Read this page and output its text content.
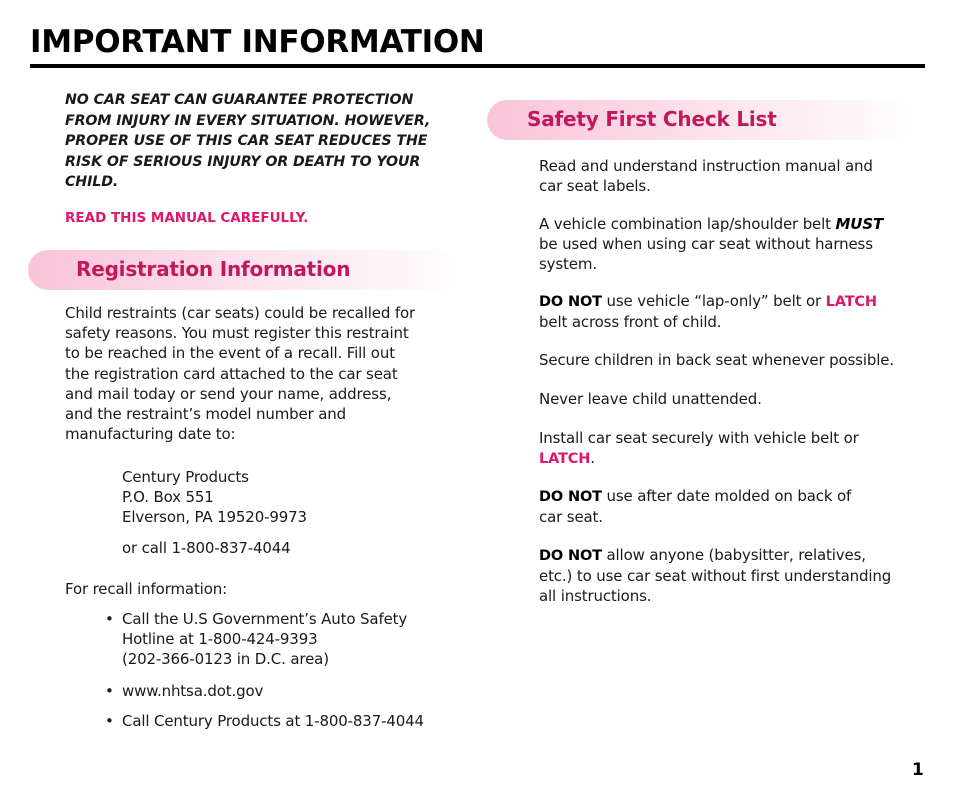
IMPORTANT INFORMATION

NO CAR SEAT CAN GUARANTEE PROTECTION
FROM INJURY IN EVERY SITUATION. HOWEVER,
PROPER USE OF THIS CAR SEAT REDUCES THE
RISK OF SERIOUS INJURY OR DEATH TO YOUR
CHILD.

READ THIS MANUAL CAREFULLY.
Registration Information

Child restraints (car seats) could be recalled for
safety reasons. You must register this restraint
to be reached in the event of a recall. Fill out
the registration card attached to the car seat
and mail today or send your name, address,
and the restraint’s model number and
manufacturing date to:

Century Products
P.O. Box 551
Elverson, PA 19520-9973
or call 1-800-837-4044
For recall information:
• Call the U.S Government’s Auto Safety
Hotline at 1-800-424-9393
(202-366-0123 in D.C. area)
• www.nhtsa.dot.gov
• Call Century Products at 1-800-837-4044
Safety First Check List

Read and understand instruction manual and
car seat labels.

A vehicle combination lap/shoulder belt MUST
be used when using car seat without harness
system.

DO NOT use vehicle “lap-only” belt or LATCH
belt across front of child.

Secure children in back seat whenever possible.

Never leave child unattended.

Install car seat securely with vehicle belt or
LATCH.

DO NOT use after date molded on back of
car seat.

DO NOT allow anyone (babysitter, relatives,
etc.) to use car seat without first understanding
all instructions.

1
